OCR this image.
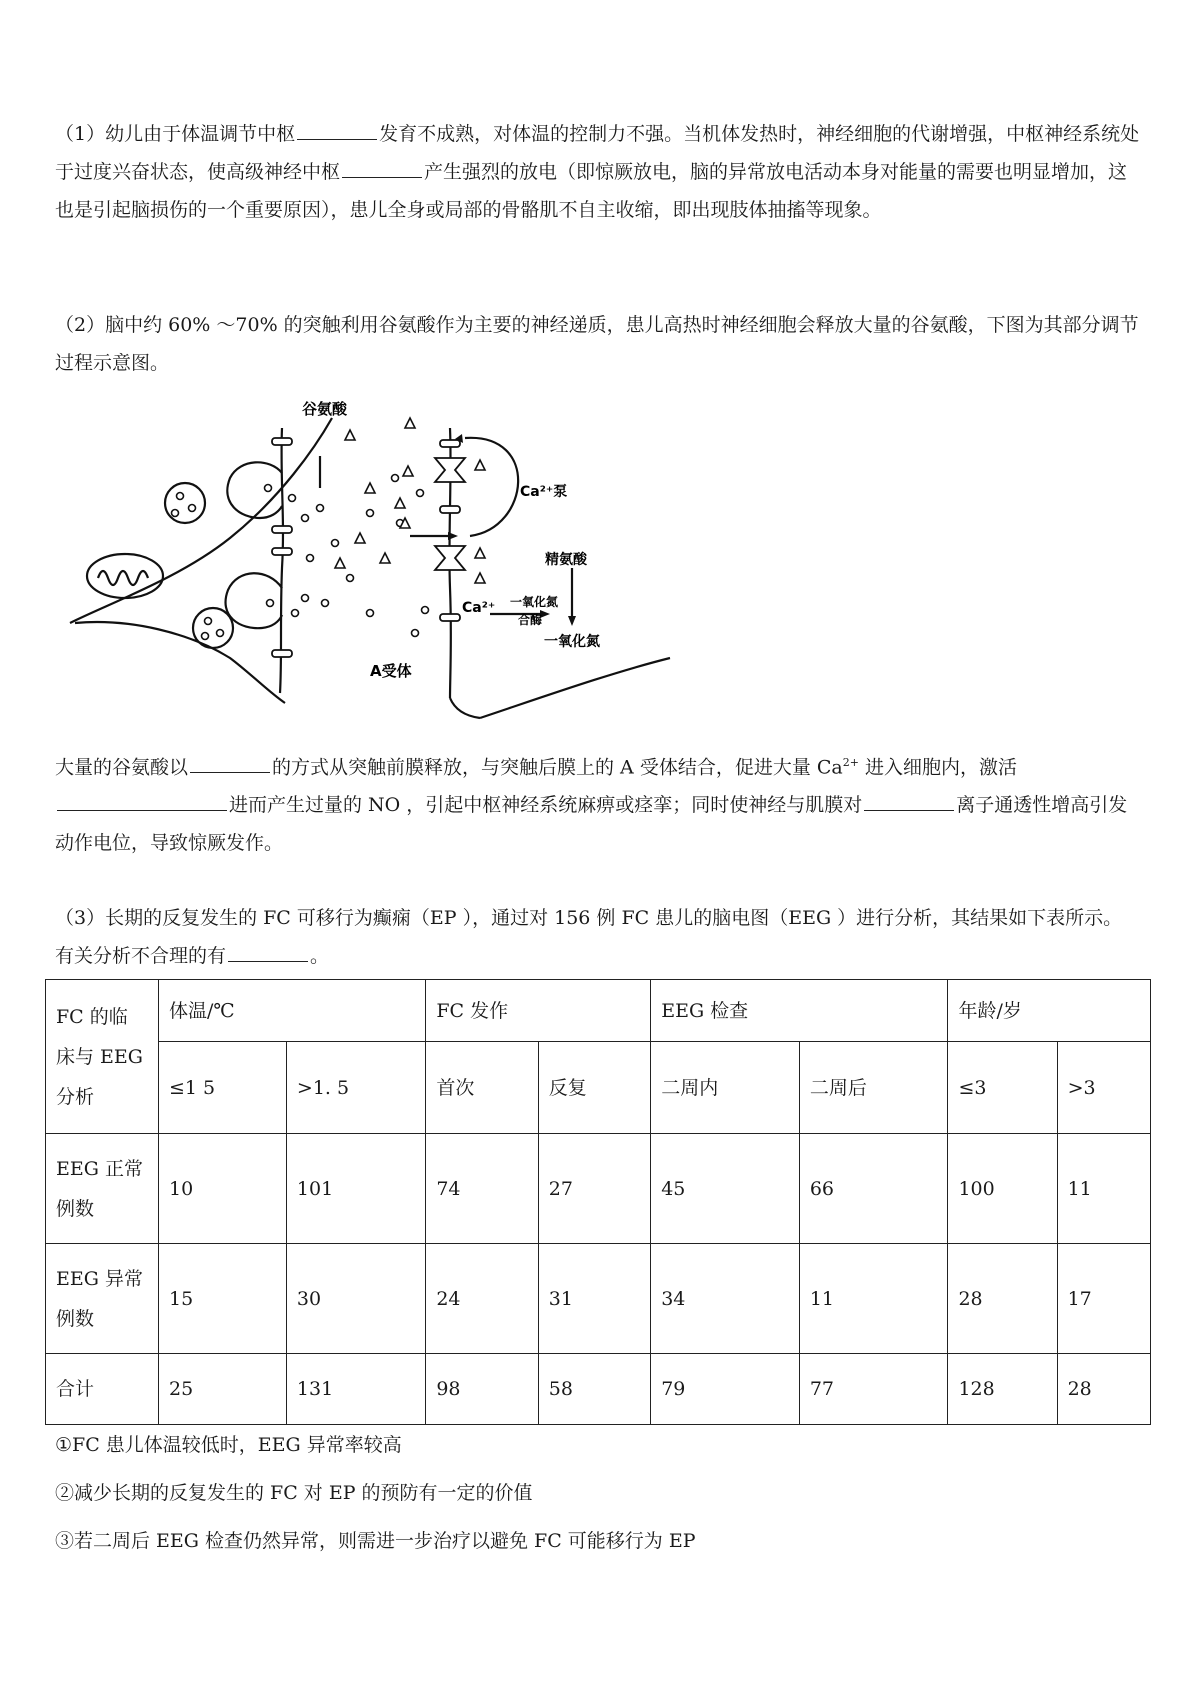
（1）幼儿由于体温调节中枢	发育不成熟，对体温的控制力不强。当机体发热时，神经细胞的代谢增强，中枢神经系统处于过度兴奋状态，使高级神经中枢	产生强烈的放电（即惊厥放电，脑的异常放电活动本身对能量的需要也明显增加，这也是引起脑损伤的一个重要原因），患儿全身或局部的骨骼肌不自主收缩，即出现肢体抽搐等现象。

（2）脑中约 60% ～70% 的突触利用谷氨酸作为主要的神经递质，患儿高热时神经细胞会释放大量的谷氨酸，下图为其部分调节过程示意图。

谷氨酸
Ca²⁺泵
精氨酸
Ca²⁺ 一氧化氮
合酶
一氧化氮
A受体

大量的谷氨酸以	的方式从突触前膜释放，与突触后膜上的 A 受体结合，促进大量 $Ca^{2+}$ 进入细胞内，激活进而产生过量的 NO ，引起中枢神经系统麻痹或痉挛；同时使神经与肌膜对	离子通透性增高引发动作电位，导致惊厥发作。

（3）长期的反复发生的 FC 可移行为癫痫（EP ），通过对 156 例 FC 患儿的脑电图（EEG ）进行分析，其结果如下表所示。有关分析不合理的有	。

FC 的临
床与 EEG
分析	体温/℃		FC 发作		EEG 检查		年龄/岁	
	≤1 5	>1. 5	首次	反复	二周内	二周后	≤3	>3

EEG 正常
例数	10	101	74	27	45	66	100	11

EEG 异常
例数	15	30	24	31	34	11	28	17

合计	25	131	98	58	79	77	128	28

①FC 患儿体温较低时，EEG 异常率较高

②减少长期的反复发生的 FC 对 EP 的预防有一定的价值

③若二周后 EEG 检查仍然异常，则需进一步治疗以避免 FC 可能移行为 EP
